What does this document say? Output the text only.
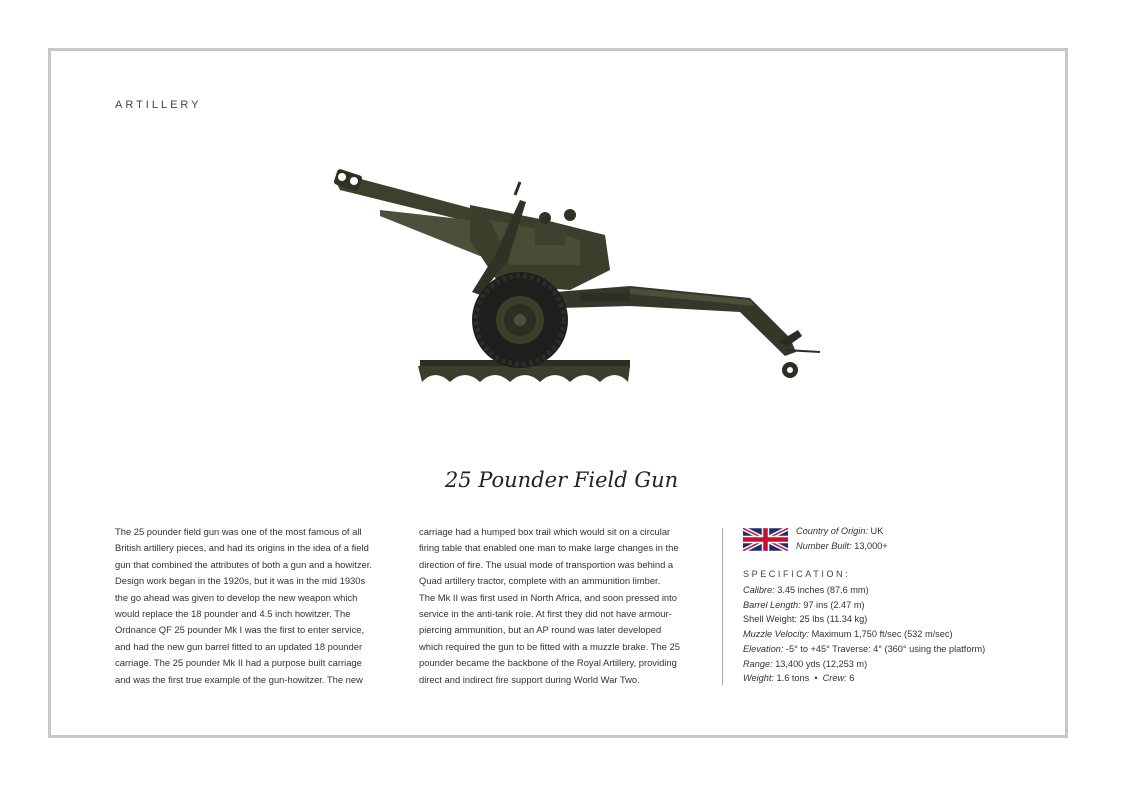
ARTILLERY
25 Pounder Field Gun

The 25 pounder field gun was one of the most famous of all

British artillery pieces, and had its origins in the idea of a field

gun that combined the attributes of both a gun and a howitzer.

Design work began in the 1920s, but it was in the mid 1930s

the go ahead was given to develop the new weapon which

would replace the 18 pounder and 4.5 inch howitzer. The

Ordnance QF 25 pounder Mk I was the first to enter service,

and had the new gun barrel fitted to an updated 18 pounder

carriage. The 25 pounder Mk II had a purpose built carriage

and was the first true example of the gun-howitzer. The new

carriage had a humped box trail which would sit on a circular

firing table that enabled one man to make large changes in the

direction of fire. The usual mode of transportion was behind a

Quad artillery tractor, complete with an ammunition limber.

The Mk II was first used in North Africa, and soon pressed into

service in the anti-tank role. At first they did not have armour-

piercing ammunition, but an AP round was later developed

which required the gun to be fitted with a muzzle brake. The 25

pounder became the backbone of the Royal Artillery, providing

direct and indirect fire support during World War Two.

Country of Origin: UK
Number Built: 13,000+
SPECIFICATION:
Calibre: 3.45 inches (87.6 mm)
Barrel Length: 97 ins (2.47 m)
Shell Weight: 25 lbs (11.34 kg)
Muzzle Velocity: Maximum 1,750 ft/sec (532 m/sec)
Elevation: -5° to +45° Traverse: 4° (360° using the platform)
Range: 13,400 yds (12,253 m)
Weight: 1.6 tons  •  Crew: 6
